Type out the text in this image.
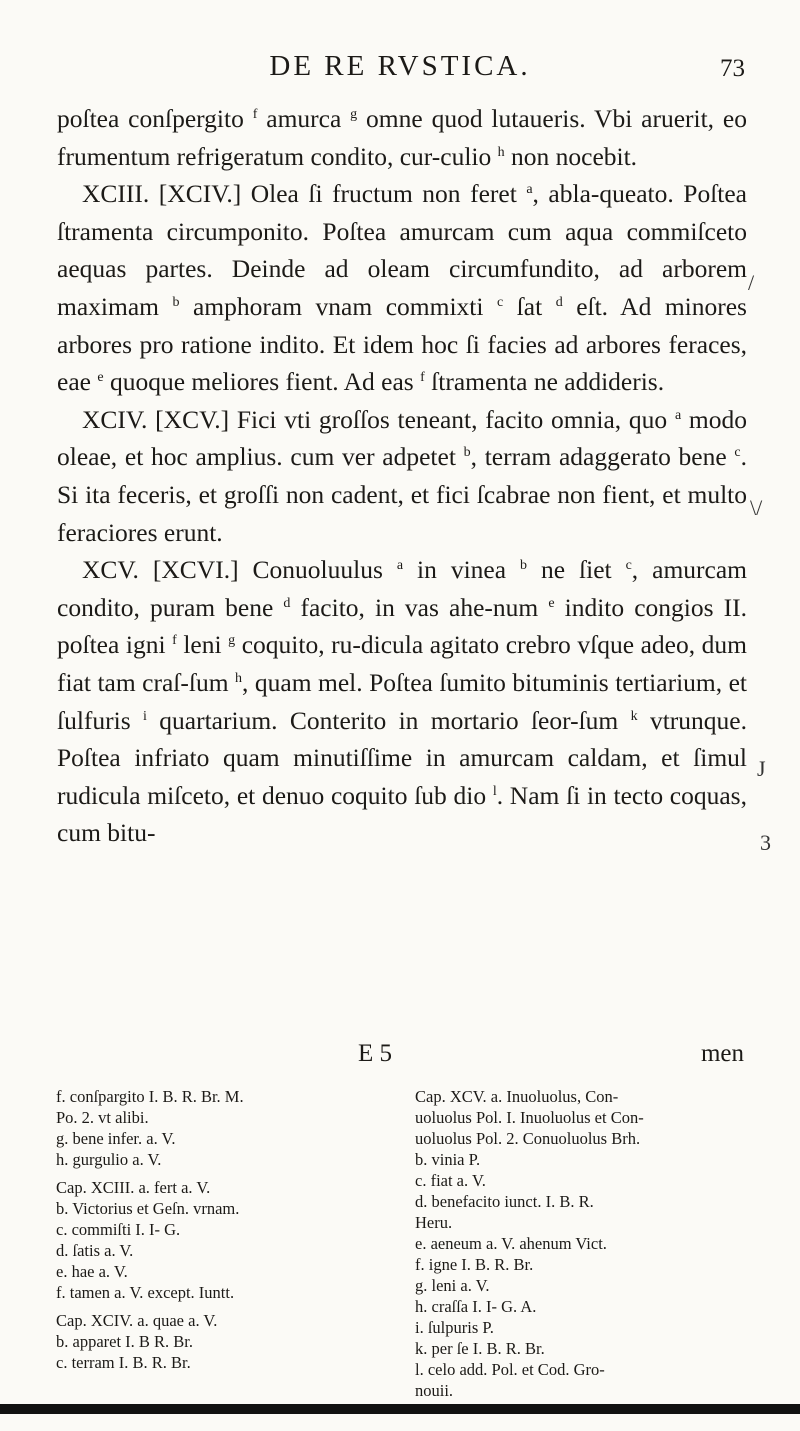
DE RE RVSTICA.	73

poſtea conſpergito $^f$ amurca $^g$ omne quod lutaueris. Vbi aruerit, eo frumentum refrigeratum condito, cur-culio $^h$ non nocebit.

XCIII. [XCIV.] Olea ſi fructum non feret $^a$, abla-queato. Poſtea ſtramenta circumponito. Poſtea amurcam cum aqua commiſceto aequas partes. Deinde ad oleam circumfundito, ad arborem maximam $^b$ amphoram vnam commixti $^c$ ſat $^d$ eſt. Ad minores arbores pro ratione indito. Et idem hoc ſi facies ad arbores feraces, eae $^e$ quoque meliores fient. Ad eas $^f$ ſtramenta ne addideris.

XCIV. [XCV.] Fici vti groſſos teneant, facito omnia, quo $^a$ modo oleae, et hoc amplius. cum ver adpetet $^b$, terram adaggerato bene $^c$. Si ita feceris, et groſſi non cadent, et fici ſcabrae non fient, et multo feraciores erunt.

XCV. [XCVI.] Conuoluulus $^a$ in vinea $^b$ ne ſiet $^c$, amurcam condito, puram bene $^d$ facito, in vas ahe-num $^e$ indito congios II. poſtea igni $^f$ leni $^g$ coquito, ru-dicula agitato crebro vſque adeo, dum fiat tam craſ-ſum $^h$, quam mel. Poſtea ſumito bituminis tertiarium, et ſulfuris $^i$ quartarium. Conterito in mortario ſeor-ſum $^k$ vtrunque. Poſtea infriato quam minutiſſime in amurcam caldam, et ſimul rudicula miſceto, et denuo coquito ſub dio $^l$. Nam ſi in tecto coquas, cum bitu-

/
\/
J
3
E 5	men
f. conſpargito I. B. R. Br. M.
Po. 2. vt alibi.
g. bene infer. a. V.
h. gurgulio a. V.
Cap. XCIII. a. fert a. V.
b. Victorius et Geſn. vrnam.
c. commiſti I. I- G.
d. ſatis a. V.
e. hae a. V.
f. tamen a. V. except. Iuntt.
Cap. XCIV. a. quae a. V.
b. apparet I. B R. Br.
c. terram I. B. R. Br.
Cap. XCV. a. Inuoluolus, Con-
uoluolus Pol. I. Inuoluolus et Con-
uoluolus Pol. 2. Conuoluolus Brh.
b. vinia P.
c. fiat a. V.
d. benefacito iunct. I. B. R.
Heru.
e. aeneum a. V. ahenum Vict.
f. igne I. B. R. Br.
g. leni a. V.
h. craſſa I. I- G. A.
i. ſulpuris P.
k. per ſe I. B. R. Br.
l. celo add. Pol. et Cod. Gro-
nouii.
